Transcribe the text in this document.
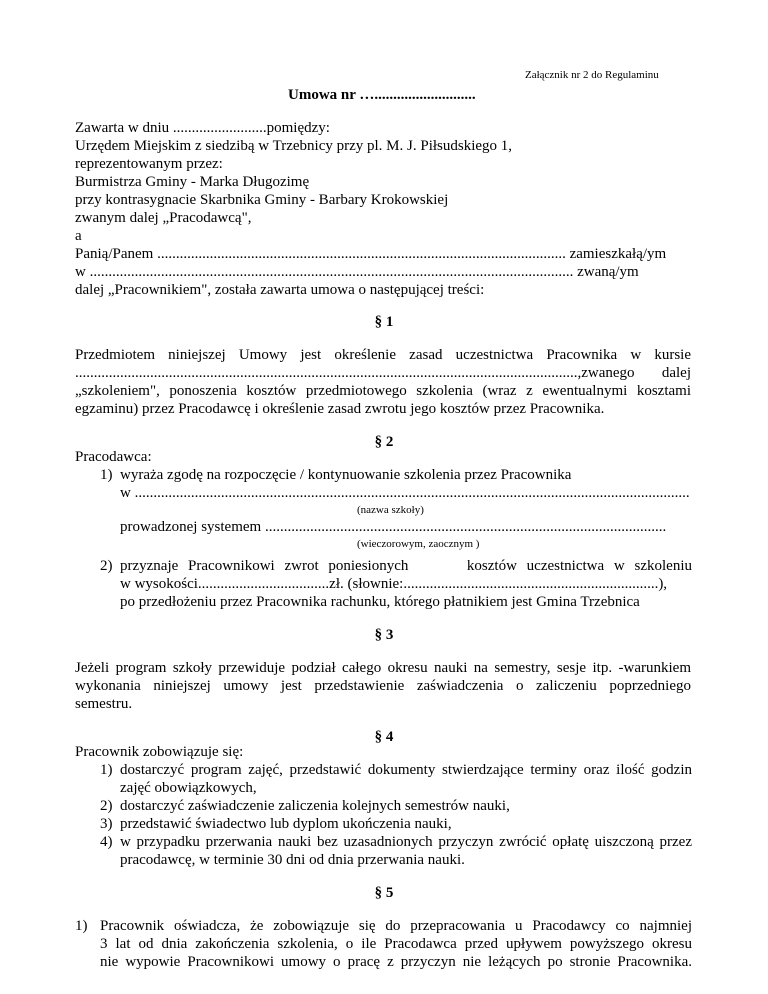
Załącznik nr 2 do Regulaminu
Umowa nr …...........................
Zawarta w dniu .........................pomiędzy:
Urzędem Miejskim z siedzibą w Trzebnicy przy pl. M. J. Piłsudskiego 1,
reprezentowanym przez:
Burmistrza Gminy - Marka Długozimę
przy kontrasygnacie Skarbnika Gminy - Barbary Krokowskiej
zwanym dalej „Pracodawcą",
a
Panią/Panem ............................................................................................................. zamieszkałą/ym
w ................................................................................................................................. zwaną/ym
dalej „Pracownikiem", została zawarta umowa o następującej treści:
§ 1
Przedmiotem niniejszej Umowy jest określenie zasad uczestnictwa Pracownika w kursie
......................................................................................................................................,zwanego dalej
„szkoleniem", ponoszenia kosztów przedmiotowego szkolenia (wraz z ewentualnymi kosztami
egzaminu) przez Pracodawcę i określenie zasad zwrotu jego kosztów przez Pracownika.
§ 2
Pracodawca:
1) wyraża zgodę na rozpoczęcie / kontynuowanie szkolenia przez Pracownika
w ....................................................................................................................................................
(nazwa szkoły)
prowadzonej systemem ...........................................................................................................
(wieczorowym, zaocznym )
2) przyznaje Pracownikowi zwrot poniesionych      kosztów uczestnictwa w szkoleniu
w wysokości...................................zł. (słownie:....................................................................),
po przedłożeniu przez Pracownika rachunku, którego płatnikiem jest Gmina Trzebnica
§ 3
Jeżeli program szkoły przewiduje podział całego okresu nauki na semestry, sesje itp. -warunkiem
wykonania niniejszej umowy jest przedstawienie zaświadczenia o zaliczeniu poprzedniego
semestru.
§ 4
Pracownik zobowiązuje się:
1) dostarczyć program zajęć, przedstawić dokumenty stwierdzające terminy oraz ilość godzin
zajęć obowiązkowych,
2) dostarczyć zaświadczenie zaliczenia kolejnych semestrów nauki,
3) przedstawić świadectwo lub dyplom ukończenia nauki,
4) w przypadku przerwania nauki bez uzasadnionych przyczyn zwrócić opłatę uiszczoną przez
pracodawcę, w terminie 30 dni od dnia przerwania nauki.
§ 5
1) Pracownik oświadcza, że zobowiązuje się do przepracowania u Pracodawcy co najmniej
3 lat od dnia zakończenia szkolenia, o ile Pracodawca przed upływem powyższego okresu
nie wypowie Pracownikowi umowy o pracę z przyczyn nie leżących po stronie Pracownika.
